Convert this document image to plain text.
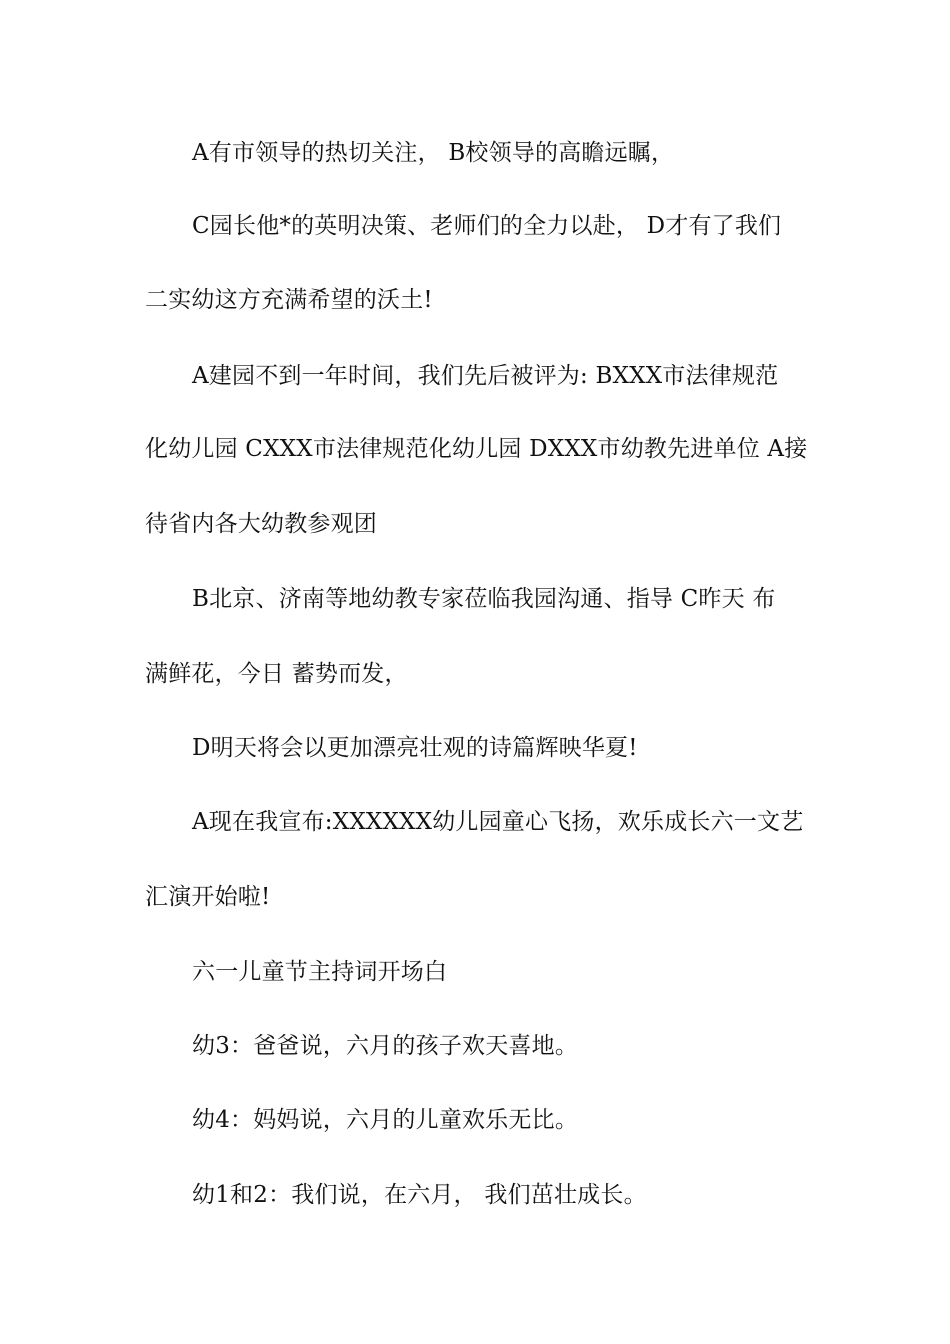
A有市领导的热切关注， B校领导的高瞻远瞩，
C园长他*的英明决策、老师们的全力以赴， D才有了我们
二实幼这方充满希望的沃土!
A建园不到一年时间，我们先后被评为: BXXX市法律规范
化幼儿园 CXXX市法律规范化幼儿园 DXXX市幼教先进单位 A接
待省内各大幼教参观团
B北京、济南等地幼教专家莅临我园沟通、指导 C昨天 布
满鲜花，今日 蓄势而发，
D明天将会以更加漂亮壮观的诗篇辉映华夏!
A现在我宣布:XXXXXX幼儿园童心飞扬，欢乐成长六一文艺
汇演开始啦!
六一儿童节主持词开场白
幼3：爸爸说，六月的孩子欢天喜地。
幼4：妈妈说，六月的儿童欢乐无比。
幼1和2：我们说，在六月， 我们茁壮成长。
